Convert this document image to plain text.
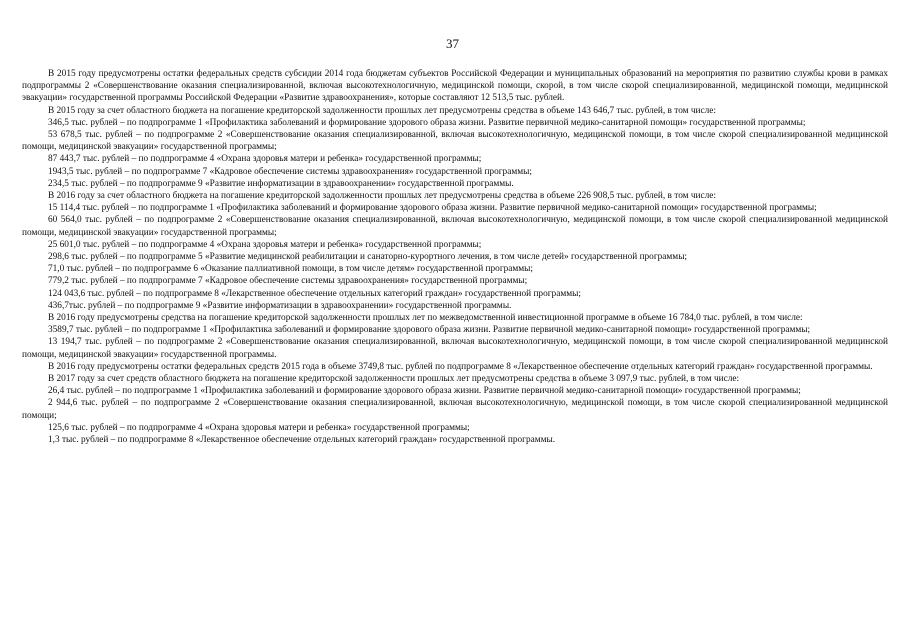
37

В 2015 году предусмотрены остатки федеральных средств субсидии 2014 года бюджетам субъектов Российской Федерации и муниципальных образований на мероприятия по развитию службы крови в рамках подпрограммы 2 «Совершенствование оказания специализированной, включая высокотехнологичную, медицинской помощи, скорой, в том числе скорой специализированной, медицинской помощи, медицинской эвакуации» государственной программы Российской Федерации «Развитие здравоохранения», которые составляют 12 513,5 тыс. рублей.

В 2015 году за счет областного бюджета на погашение кредиторской задолженности прошлых лет предусмотрены средства в объеме 143 646,7 тыс. рублей, в том числе:

346,5 тыс. рублей – по подпрограмме 1 «Профилактика заболеваний и формирование здорового образа жизни. Развитие первичной медико-санитарной помощи» государственной программы;

53 678,5 тыс. рублей – по подпрограмме 2 «Совершенствование оказания специализированной, включая высокотехнологичную, медицинской помощи, в том числе скорой специализированной медицинской помощи, медицинской эвакуации» государственной программы;

87 443,7 тыс. рублей – по подпрограмме 4 «Охрана здоровья матери и ребенка» государственной программы;

1943,5 тыс. рублей – по подпрограмме 7 «Кадровое обеспечение системы здравоохранения» государственной программы;

234,5 тыс. рублей – по подпрограмме 9 «Развитие информатизации в здравоохранении» государственной программы.

В 2016 году за счет областного бюджета на погашение кредиторской задолженности прошлых лет предусмотрены средства в объеме 226 908,5 тыс. рублей, в том числе:

15 114,4 тыс. рублей – по подпрограмме 1 «Профилактика заболеваний и формирование здорового образа жизни. Развитие первичной медико-санитарной помощи» государственной программы;

60 564,0 тыс. рублей – по подпрограмме 2 «Совершенствование оказания специализированной, включая высокотехнологичную, медицинской помощи, в том числе скорой специализированной медицинской помощи, медицинской эвакуации» государственной программы;

25 601,0 тыс. рублей – по подпрограмме 4 «Охрана здоровья матери и ребенка» государственной программы;

298,6 тыс. рублей – по подпрограмме 5 «Развитие медицинской реабилитации и санаторно-курортного лечения, в том числе детей» государственной программы;

71,0 тыс. рублей – по подпрограмме 6 «Оказание паллиативной помощи, в том числе детям» государственной программы;

779,2 тыс. рублей – по подпрограмме 7 «Кадровое обеспечение системы здравоохранения» государственной программы;

124 043,6 тыс. рублей – по подпрограмме 8 «Лекарственное обеспечение отдельных категорий граждан» государственной программы;

436,7тыс. рублей – по подпрограмме 9 «Развитие информатизации в здравоохранении» государственной программы.

В 2016 году предусмотрены средства на погашение кредиторской задолженности прошлых лет по межведомственной инвестиционной программе в объеме 16 784,0 тыс. рублей, в том числе:

3589,7 тыс. рублей – по подпрограмме 1 «Профилактика заболеваний и формирование здорового образа жизни. Развитие первичной медико-санитарной помощи» государственной программы;

13 194,7 тыс. рублей – по подпрограмме 2 «Совершенствование оказания специализированной, включая высокотехнологичную, медицинской помощи, в том числе скорой специализированной медицинской помощи, медицинской эвакуации» государственной программы.

В 2016 году предусмотрены остатки федеральных средств 2015 года в объеме 3749,8 тыс. рублей по подпрограмме 8 «Лекарственное обеспечение отдельных категорий граждан» государственной программы.

В 2017 году за счет средств областного бюджета на погашение кредиторской задолженности прошлых лет предусмотрены средства в объеме 3 097,9 тыс. рублей, в том числе:

26,4 тыс. рублей – по подпрограмме 1 «Профилактика заболеваний и формирование здорового образа жизни. Развитие первичной медико-санитарной помощи» государственной программы;

2 944,6 тыс. рублей – по подпрограмме 2 «Совершенствование оказания специализированной, включая высокотехнологичную, медицинской помощи, в том числе скорой специализированной медицинской помощи;

125,6 тыс. рублей – по подпрограмме 4 «Охрана здоровья матери и ребенка» государственной программы;

1,3 тыс. рублей – по подпрограмме 8 «Лекарственное обеспечение отдельных категорий граждан» государственной программы.
